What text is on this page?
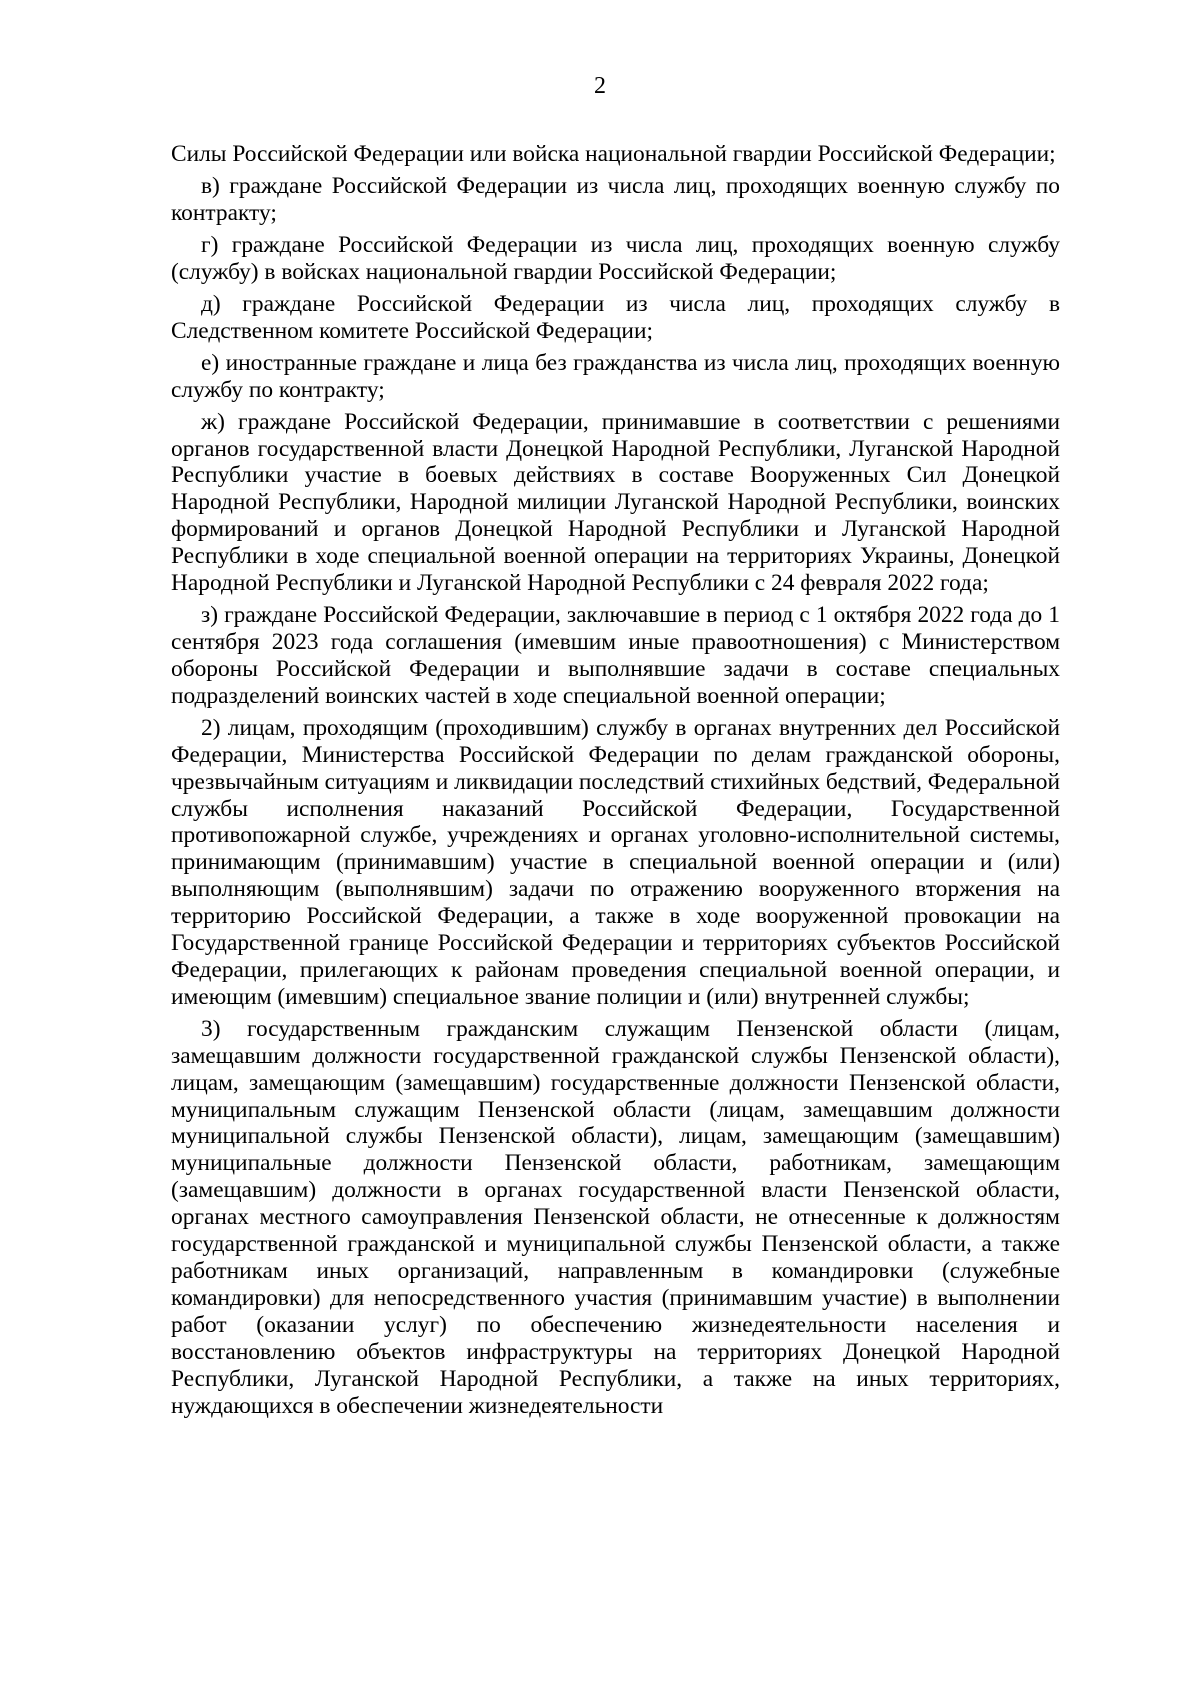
2

Силы Российской Федерации или войска национальной гвардии Российской Федерации;

в) граждане Российской Федерации из числа лиц, проходящих военную службу по контракту;

г) граждане Российской Федерации из числа лиц, проходящих военную службу (службу) в войсках национальной гвардии Российской Федерации;

д) граждане Российской Федерации из числа лиц, проходящих службу в Следственном комитете Российской Федерации;

е) иностранные граждане и лица без гражданства из числа лиц, проходящих военную службу по контракту;

ж) граждане Российской Федерации, принимавшие в соответствии с решениями органов государственной власти Донецкой Народной Республики, Луганской Народной Республики участие в боевых действиях в составе Вооруженных Сил Донецкой Народной Республики, Народной милиции Луганской Народной Республики, воинских формирований и органов Донецкой Народной Республики и Луганской Народной Республики в ходе специальной военной операции на территориях Украины, Донецкой Народной Республики и Луганской Народной Республики с 24 февраля 2022 года;

з) граждане Российской Федерации, заключавшие в период с 1 октября 2022 года до 1 сентября 2023 года соглашения (имевшим иные правоотношения) с Министерством обороны Российской Федерации и выполнявшие задачи в составе специальных подразделений воинских частей в ходе специальной военной операции;

2) лицам, проходящим (проходившим) службу в органах внутренних дел Российской Федерации, Министерства Российской Федерации по делам гражданской обороны, чрезвычайным ситуациям и ликвидации последствий стихийных бедствий, Федеральной службы исполнения наказаний Российской Федерации, Государственной противопожарной службе, учреждениях и органах уголовно-исполнительной системы, принимающим (принимавшим) участие в специальной военной операции и (или) выполняющим (выполнявшим) задачи по отражению вооруженного вторжения на территорию Российской Федерации, а также в ходе вооруженной провокации на Государственной границе Российской Федерации и территориях субъектов Российской Федерации, прилегающих к районам проведения специальной военной операции, и имеющим (имевшим) специальное звание полиции и (или) внутренней службы;

3) государственным гражданским служащим Пензенской области (лицам, замещавшим должности государственной гражданской службы Пензенской области), лицам, замещающим (замещавшим) государственные должности Пензенской области, муниципальным служащим Пензенской области (лицам, замещавшим должности муниципальной службы Пензенской области), лицам, замещающим (замещавшим) муниципальные должности Пензенской области, работникам, замещающим (замещавшим) должности в органах государственной власти Пензенской области, органах местного самоуправления Пензенской области, не отнесенные к должностям государственной гражданской и муниципальной службы Пензенской области, а также работникам иных организаций, направленным в командировки (служебные командировки) для непосредственного участия (принимавшим участие) в выполнении работ (оказании услуг) по обеспечению жизнедеятельности населения и восстановлению объектов инфраструктуры на территориях Донецкой Народной Республики, Луганской Народной Республики, а также на иных территориях, нуждающихся в обеспечении жизнедеятельности
